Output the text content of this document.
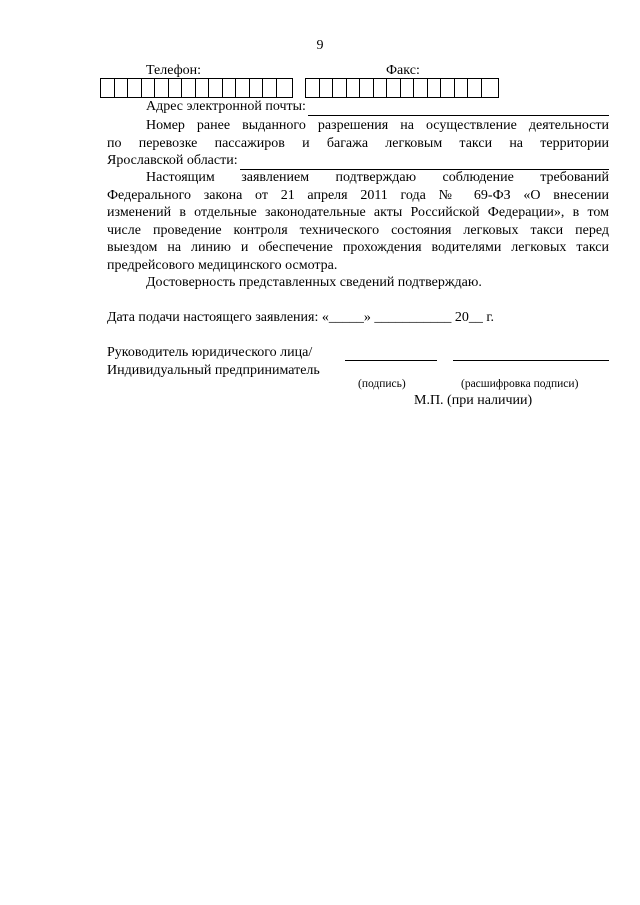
9
Телефон:	Факс:
Адрес электронной почты:
Номер ранее выданного разрешения на осуществление деятельности
по перевозке пассажиров и багажа легковым такси на территории
Ярославской области:
Настоящим заявлением подтверждаю соблюдение требований
Федерального закона от 21 апреля 2011 года № 69-ФЗ «О внесении
изменений в отдельные законодательные акты Российской Федерации», в том
числе проведение контроля технического состояния легковых такси перед
выездом на линию и обеспечение прохождения водителями легковых такси
предрейсового медицинского осмотра.
Достоверность представленных сведений подтверждаю.
Дата подачи настоящего заявления: «_____» ___________ 20__ г.
Руководитель юридического лица/
Индивидуальный предприниматель
(подпись)	(расшифровка подписи)
М.П. (при наличии)
